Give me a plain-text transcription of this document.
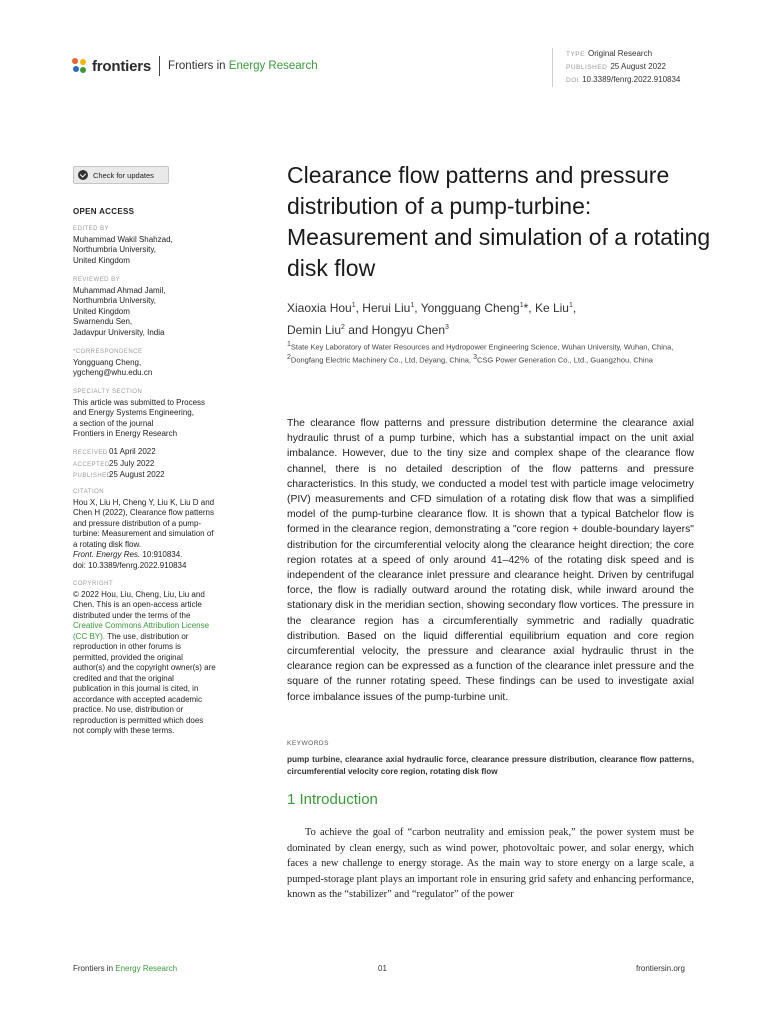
frontiers Frontiers in Energy Research
TYPE Original Research
PUBLISHED 25 August 2022
DOI 10.3389/fenrg.2022.910834
Check for updates
OPEN ACCESS
EDITED BY
Muhammad Wakil Shahzad,
Northumbria University,
United Kingdom
REVIEWED BY
Muhammad Ahmad Jamil,
Northumbria University,
United Kingdom
Swarnendu Sen,
Jadavpur University, India
*CORRESPONDENCE
Yongguang Cheng,
ygcheng@whu.edu.cn
SPECIALTY SECTION
This article was submitted to Process
and Energy Systems Engineering,
a section of the journal
Frontiers in Energy Research
RECEIVED01 April 2022
ACCEPTED25 July 2022
PUBLISHED25 August 2022
CITATION
Hou X, Liu H, Cheng Y, Liu K, Liu D and
Chen H (2022), Clearance flow patterns
and pressure distribution of a pump-
turbine: Measurement and simulation of
a rotating disk flow.
Front. Energy Res. 10:910834.
doi: 10.3389/fenrg.2022.910834
COPYRIGHT
© 2022 Hou, Liu, Cheng, Liu, Liu and
Chen. This is an open-access article
distributed under the terms of the
Creative Commons Attribution License
(CC BY). The use, distribution or
reproduction in other forums is
permitted, provided the original
author(s) and the copyright owner(s) are
credited and that the original
publication in this journal is cited, in
accordance with accepted academic
practice. No use, distribution or
reproduction is permitted which does
not comply with these terms.
Clearance flow patterns and pressure distribution of a pump-turbine: Measurement and simulation of a rotating disk flow
Xiaoxia Hou$^1$, Herui Liu$^1$, Yongguang Cheng$^1$*, Ke Liu$^1$,
Demin Liu$^2$ and Hongyu Chen$^3$
$^1$State Key Laboratory of Water Resources and Hydropower Engineering Science, Wuhan University, Wuhan, China, $^2$Dongfang Electric Machinery Co., Ltd, Deyang, China, $^3$CSG Power Generation Co., Ltd., Guangzhou, China
The clearance flow patterns and pressure distribution determine the clearance axial hydraulic thrust of a pump turbine, which has a substantial impact on the unit axial imbalance. However, due to the tiny size and complex shape of the clearance flow channel, there is no detailed description of the flow patterns and pressure characteristics. In this study, we conducted a model test with particle image velocimetry (PIV) measurements and CFD simulation of a rotating disk flow that was a simplified model of the pump-turbine clearance flow. It is shown that a typical Batchelor flow is formed in the clearance region, demonstrating a "core region + double-boundary layers" distribution for the circumferential velocity along the clearance height direction; the core region rotates at a speed of only around 41–42% of the rotating disk speed and is independent of the clearance inlet pressure and clearance height. Driven by centrifugal force, the flow is radially outward around the rotating disk, while inward around the stationary disk in the meridian section, showing secondary flow vortices. The pressure in the clearance region has a circumferentially symmetric and radially quadratic distribution. Based on the liquid differential equilibrium equation and core region circumferential velocity, the pressure and clearance axial hydraulic thrust in the clearance region can be expressed as a function of the clearance inlet pressure and the square of the runner rotating speed. These findings can be used to investigate axial force imbalance issues of the pump-turbine unit.
KEYWORDS
pump turbine, clearance axial hydraulic force, clearance pressure distribution, clearance flow patterns, circumferential velocity core region, rotating disk flow
1 Introduction

To achieve the goal of “carbon neutrality and emission peak,” the power system must be dominated by clean energy, such as wind power, photovoltaic power, and solar energy, which faces a new challenge to energy storage. As the main way to store energy on a large scale, a pumped-storage plant plays an important role in ensuring grid safety and enhancing performance, known as the “stabilizer” and “regulator” of the power

Frontiers in Energy Research	01	frontiersin.org
